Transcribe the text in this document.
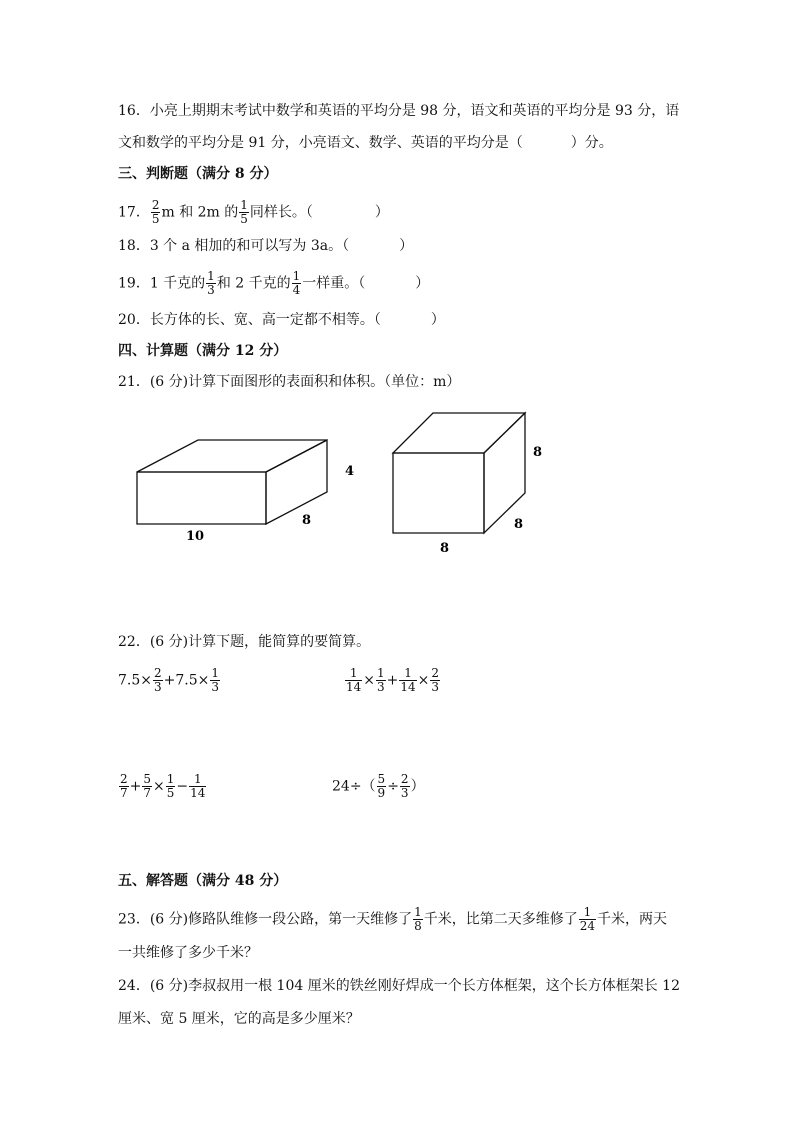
16．小亮上期期末考试中数学和英语的平均分是 98 分，语文和英语的平均分是 93 分，语
文和数学的平均分是 91 分，小亮语文、数学、英语的平均分是（	）分。
三、判断题（满分 8 分）
17． $\frac{2}{5}$ m 和 2m 的 $\frac{1}{5}$ 同样长。（	）
18．3 个 a 相加的和可以写为 3a。（	）
19．1 千克的 $\frac{1}{3}$ 和 2 千克的 $\frac{1}{4}$ 一样重。（	）
20．长方体的长、宽、高一定都不相等。（	）
四、计算题（满分 12 分）
21．(6 分)计算下面图形的表面积和体积。（单位：m）
4
8
10
8
8
8
22．(6 分)计算下题，能简算的要简算。
$7.5\times \frac{2}{3} +7.5\times \frac{1}{3}$	$\frac{1}{14} \times \frac{1}{3} + \frac{1}{14} \times \frac{2}{3}$
$\frac{2}{7} + \frac{5}{7} \times \frac{1}{5} - \frac{1}{14}$	$24\div( \frac{5}{9} \div \frac{2}{3}$ ）
五、解答题（满分 48 分）
23．(6 分)修路队维修一段公路，第一天维修了 $\frac{1}{8}$ 千米，比第二天多维修了 $\frac{1}{24}$ 千米，两天
一共维修了多少千米？
24．(6 分)李叔叔用一根 104 厘米的铁丝刚好焊成一个长方体框架，这个长方体框架长 12
厘米、宽 5 厘米，它的高是多少厘米？
